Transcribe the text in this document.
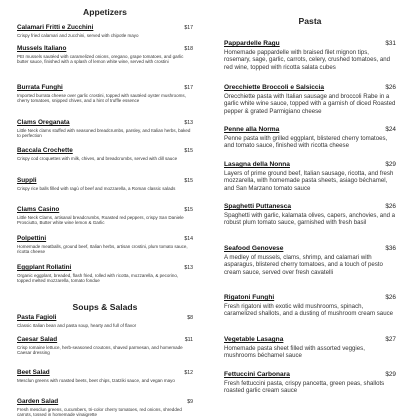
Appetizers
Calamari Fritti e Zucchini	$17
Crispy fried calamari and zucchini, served with chipotle mayo
Mussels Italiano	$18
PEI mussels sautéed with caramelized onions, oregano, grape tomatoes, and garlic butter sauce, finished with a splash of lemon white wine, served with crostini
Burrata Funghi	$17
Imported burrata cheese over garlic crostini, topped with sautéed oyster mushrooms, cherry tomatoes, snipped chives, and a hint of truffle essence
Clams Oreganata	$13
Little Neck clams stuffed with seasoned breadcrumbs, parsley, and Italian herbs, baked to perfection
Baccala Crochette	$15
Crispy cod croquettes with milk, chives, and breadcrumbs, served with dill sauce
Suppli	$15
Crispy rice balls filled with ragù of beef and mozzarella, a Roman classic salads
Clams Casino	$15
Little Neck Clams, artisanal breadcrumbs, Roasted red peppers, crispy San Daniele Prosciutto, Butter white wine lemon & Garlic
Polpettini	$14
Homemade meatballs, ground beef, Italian herbs, artisan crostini, plum tomato sauce, ricotta cheese
Eggplant Rollatini	$13
Organic eggplant, breaded, flash fried, rolled with ricotta, mozzarella, & pecorino, topped melted mozzarella, tomato fondue
Soups & Salads
Pasta Fagioli	$8
Classic Italian bean and pasta soup, hearty and full of flavor
Caesar Salad	$11
Crisp romaine lettuce, herb-seasoned croutons, shaved parmesan, and homemade Caesar dressing
Beet Salad	$12
Mesclun greens with roasted beets, beet chips, tzatziki sauce, and vegan mayo
Garden Salad	$9
Fresh mesclun greens, cucumbers, tri-color cherry tomatoes, red onions, shredded carrots, tossed in homemade vinaigrette
Pasta
Pappardelle Ragu	$31
Homemade pappardelle with braised filet mignon tips, rosemary, sage, garlic, carrots, celery, crushed tomatoes, and red wine, topped with ricotta salata cubes
Orecchiette Broccoli e Salsiccia	$26
Orecchiette pasta with Italian sausage and broccoli Rabe in a garlic white wine sauce, topped with a garnish of diced Roasted pepper & grated Parmigiano cheese
Penne alla Norma	$24
Penne pasta with grilled eggplant, blistered cherry tomatoes, and tomato sauce, finished with ricotta cheese
Lasagna della Nonna	$29
Layers of prime ground beef, Italian sausage, ricotta, and fresh mozzarella, with homemade pasta sheets, asiago béchamel, and San Marzano tomato sauce
Spaghetti Puttanesca	$26
Spaghetti with garlic, kalamata olives, capers, anchovies, and a robust plum tomato sauce, garnished with fresh basil
Seafood Genovese	$36
A medley of mussels, clams, shrimp, and calamari with asparagus, blistered cherry tomatoes, and a touch of pesto cream sauce, served over fresh cavatelli
Rigatoni Funghi	$26
Fresh rigatoni with exotic wild mushrooms, spinach, caramelized shallots, and a dusting of mushroom cream sauce
Vegetable Lasagna	$27
Homemade pasta sheet filled with assorted veggies, mushrooms béchamel sauce
Fettuccini Carbonara	$29
Fresh fettuccini pasta, crispy pancetta, green peas, shallots roasted garlic cream sauce
